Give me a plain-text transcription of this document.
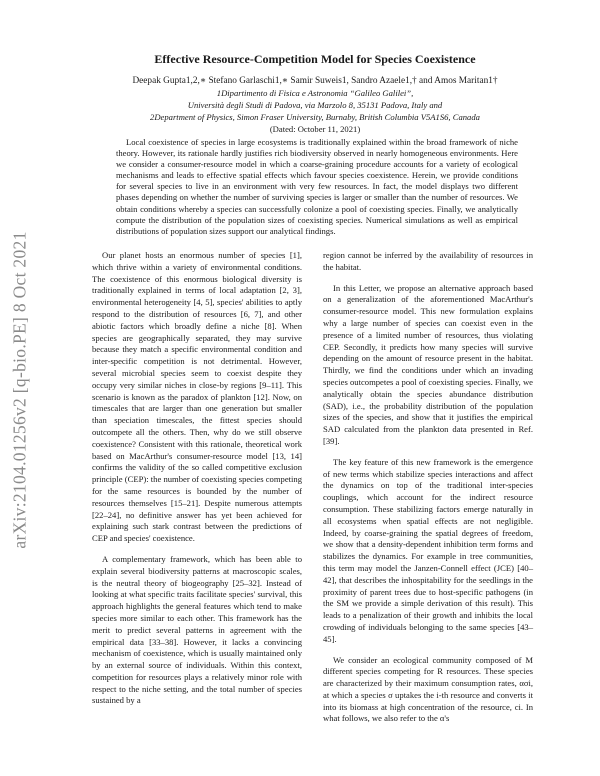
arXiv:2104.01256v2 [q-bio.PE] 8 Oct 2021
Effective Resource-Competition Model for Species Coexistence
Deepak Gupta1,2,∗ Stefano Garlaschi1,∗ Samir Suweis1, Sandro Azaele1,† and Amos Maritan1†
1Dipartimento di Fisica e Astronomia “Galileo Galilei”,
Università degli Studi di Padova, via Marzolo 8, 35131 Padova, Italy and
2Department of Physics, Simon Fraser University, Burnaby, British Columbia V5A1S6, Canada
(Dated: October 11, 2021)

Local coexistence of species in large ecosystems is traditionally explained within the broad framework of niche theory. However, its rationale hardly justifies rich biodiversity observed in nearly homogeneous environments. Here we consider a consumer-resource model in which a coarse-graining procedure accounts for a variety of ecological mechanisms and leads to effective spatial effects which favour species coexistence. Herein, we provide conditions for several species to live in an environment with very few resources. In fact, the model displays two different phases depending on whether the number of surviving species is larger or smaller than the number of resources. We obtain conditions whereby a species can successfully colonize a pool of coexisting species. Finally, we analytically compute the distribution of the population sizes of coexisting species. Numerical simulations as well as empirical distributions of population sizes support our analytical findings.

Our planet hosts an enormous number of species [1], which thrive within a variety of environmental conditions. The coexistence of this enormous biological diversity is traditionally explained in terms of local adaptation [2, 3], environmental heterogeneity [4, 5], species' abilities to aptly respond to the distribution of resources [6, 7], and other abiotic factors which broadly define a niche [8]. When species are geographically separated, they may survive because they match a specific environmental condition and inter-specific competition is not detrimental. However, several microbial species seem to coexist despite they occupy very similar niches in close-by regions [9–11]. This scenario is known as the paradox of plankton [12]. Now, on timescales that are larger than one generation but smaller than speciation timescales, the fittest species should outcompete all the others. Then, why do we still observe coexistence? Consistent with this rationale, theoretical work based on MacArthur's consumer-resource model [13, 14] confirms the validity of the so called competitive exclusion principle (CEP): the number of coexisting species competing for the same resources is bounded by the number of resources themselves [15–21]. Despite numerous attempts [22–24], no definitive answer has yet been achieved for explaining such stark contrast between the predictions of CEP and species' coexistence.

A complementary framework, which has been able to explain several biodiversity patterns at macroscopic scales, is the neutral theory of biogeography [25–32]. Instead of looking at what specific traits facilitate species' survival, this approach highlights the general features which tend to make species more similar to each other. This framework has the merit to predict several patterns in agreement with the empirical data [33–38]. However, it lacks a convincing mechanism of coexistence, which is usually maintained only by an external source of individuals. Within this context, competition for resources plays a relatively minor role with respect to the niche setting, and the total number of species sustained by a

region cannot be inferred by the availability of resources in the habitat.

In this Letter, we propose an alternative approach based on a generalization of the aforementioned MacArthur's consumer-resource model. This new formulation explains why a large number of species can coexist even in the presence of a limited number of resources, thus violating CEP. Secondly, it predicts how many species will survive depending on the amount of resource present in the habitat. Thirdly, we find the conditions under which an invading species outcompetes a pool of coexisting species. Finally, we analytically obtain the species abundance distribution (SAD), i.e., the probability distribution of the population sizes of the species, and show that it justifies the empirical SAD calculated from the plankton data presented in Ref. [39].

The key feature of this new framework is the emergence of new terms which stabilize species interactions and affect the dynamics on top of the traditional inter-species couplings, which account for the indirect resource consumption. These stabilizing factors emerge naturally in all ecosystems when spatial effects are not negligible. Indeed, by coarse-graining the spatial degrees of freedom, we show that a density-dependent inhibition term forms and stabilizes the dynamics. For example in tree communities, this term may model the Janzen-Connell effect (JCE) [40–42], that describes the inhospitability for the seedlings in the proximity of parent trees due to host-specific pathogens (in the SM we provide a simple derivation of this result). This leads to a penalization of their growth and inhibits the local crowding of individuals belonging to the same species [43–45].

We consider an ecological community composed of M different species competing for R resources. These species are characterized by their maximum consumption rates, ασi, at which a species σ uptakes the i-th resource and converts it into its biomass at high concentration of the resource, ci. In what follows, we also refer to the α's
